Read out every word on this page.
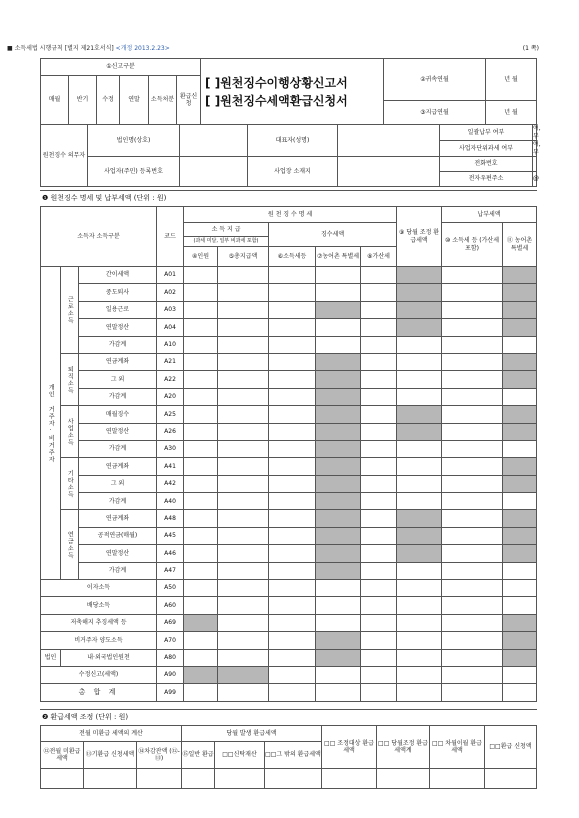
■ 소득세법 시행규칙 [별지 제21호서식] <개정 2013.2.23>	(1 쪽)
①신고구분						[ ]원천징수이행상황신고서
[ ]원천징수세액환급신청서	②귀속연월	년 월
매월	반기	수정	연말	소득처분	환급신청			
							③지급연월	년 월
원천징수 의무자	법인명(상호)		대표자(성명)		일괄납부 여부	여, 부
					사업자단위과세 여부	여, 부
	사업자(주민) 등록번호		사업장 소재지		전화번호	
					전자우편주소	@
❶ 원천징수 명세 및 납부세액 (단위 : 원)
소득자 소득구분			코드	원 천 징 수 명 세					⑨ 당월 조정 환급세액	납부세액	
				소 득 지 급		징수세액				⑩ 소득세 등 (가산세 포함)	⑪ 농어촌 특별세
				(과세 미달, 일부 비과세 포함)							
				④인원	⑤총지급액	⑥소득세등	⑦농어촌 특별세	⑧가산세			
개인 거주자·비거주자	근로소득	간이세액	A01								
		중도퇴사	A02								
		일용근로	A03								
		연말정산	A04								
		가감계	A10								
	퇴직소득	연금계좌	A21								
		그 외	A22								
		가감계	A20								
	사업소득	매월징수	A25								
		연말정산	A26								
		가감계	A30								
	기타소득	연금계좌	A41								
		그 외	A42								
		가감계	A40								
	연금소득	연금계좌	A48								
		공적연금(매월)	A45								
		연말정산	A46								
		가감계	A47								
이자소득			A50								
배당소득			A60								
저축해지 추징세액 등			A69								
비거주자 양도소득			A70								
법인	내·외국법인원천		A80								
수정신고(세액)			A90								
총 합 계			A99								
❷ 환급세액 조정 (단위 : 원)
전월 미환급 세액의 계산			당월 발생 환급세액			□□ 조정대상 환급세액	□□ 당월조정 환급세액계	□□ 차월이월 환급세액	□□환급 신청액
⑫전월 미환급세액	⑬기환급 신청세액	⑭차감잔액 (⑫-⑬)	⑮일반 환급	□□신탁재산	□□그 밖의 환급세액				
